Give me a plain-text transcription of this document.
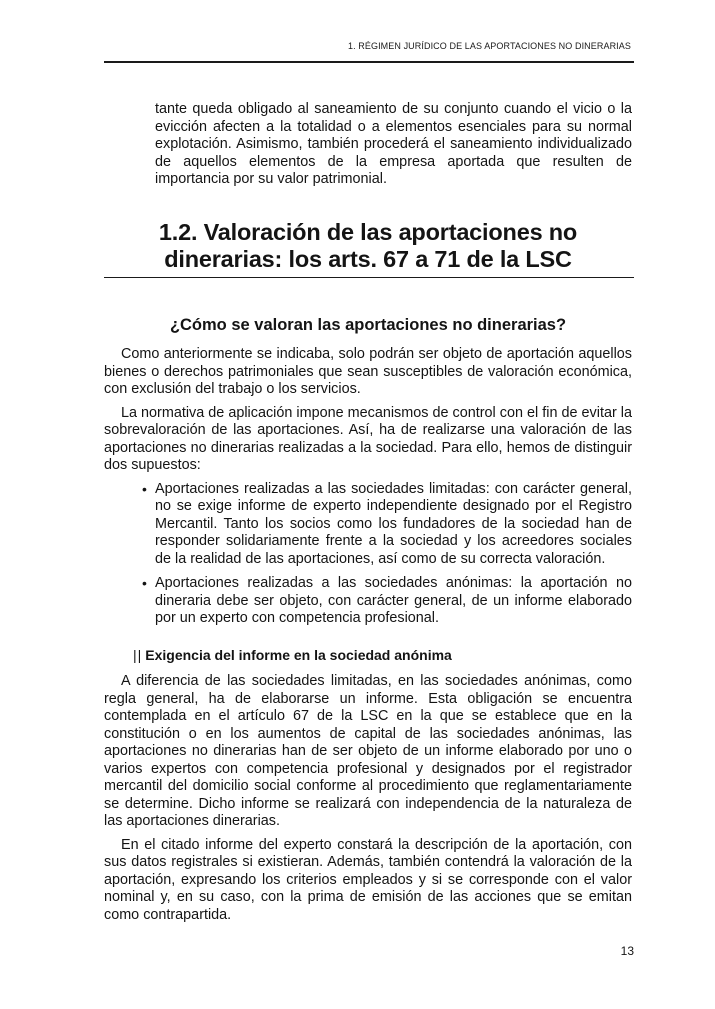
1. RÉGIMEN JURÍDICO DE LAS APORTACIONES NO DINERARIAS

tante queda obligado al saneamiento de su conjunto cuando el vicio o la evicción afecten a la totalidad o a elementos esenciales para su normal explotación. Asimismo, también procederá el saneamiento individualizado de aquellos elementos de la empresa aportada que resulten de importancia por su valor patrimonial.

1.2. Valoración de las aportaciones no dinerarias: los arts. 67 a 71 de la LSC
¿Cómo se valoran las aportaciones no dinerarias?

Como anteriormente se indicaba, solo podrán ser objeto de aportación aquellos bienes o derechos patrimoniales que sean susceptibles de valoración económica, con exclusión del trabajo o los servicios.

La normativa de aplicación impone mecanismos de control con el fin de evitar la sobrevaloración de las aportaciones. Así, ha de realizarse una valoración de las aportaciones no dinerarias realizadas a la sociedad. Para ello, hemos de distinguir dos supuestos:

• Aportaciones realizadas a las sociedades limitadas: con carácter general, no se exige informe de experto independiente designado por el Registro Mercantil. Tanto los socios como los fundadores de la sociedad han de responder solidariamente frente a la sociedad y los acreedores sociales de la realidad de las aportaciones, así como de su correcta valoración.
• Aportaciones realizadas a las sociedades anónimas: la aportación no dineraria debe ser objeto, con carácter general, de un informe elaborado por un experto con competencia profesional.
|| Exigencia del informe en la sociedad anónima

A diferencia de las sociedades limitadas, en las sociedades anónimas, como regla general, ha de elaborarse un informe. Esta obligación se encuentra contemplada en el artículo 67 de la LSC en la que se establece que en la constitución o en los aumentos de capital de las sociedades anónimas, las aportaciones no dinerarias han de ser objeto de un informe elaborado por uno o varios expertos con competencia profesional y designados por el registrador mercantil del domicilio social conforme al procedimiento que reglamentariamente se determine. Dicho informe se realizará con independencia de la naturaleza de las aportaciones dinerarias.

En el citado informe del experto constará la descripción de la aportación, con sus datos registrales si existieran. Además, también contendrá la valoración de la aportación, expresando los criterios empleados y si se corresponde con el valor nominal y, en su caso, con la prima de emisión de las acciones que se emitan como contrapartida.

13
